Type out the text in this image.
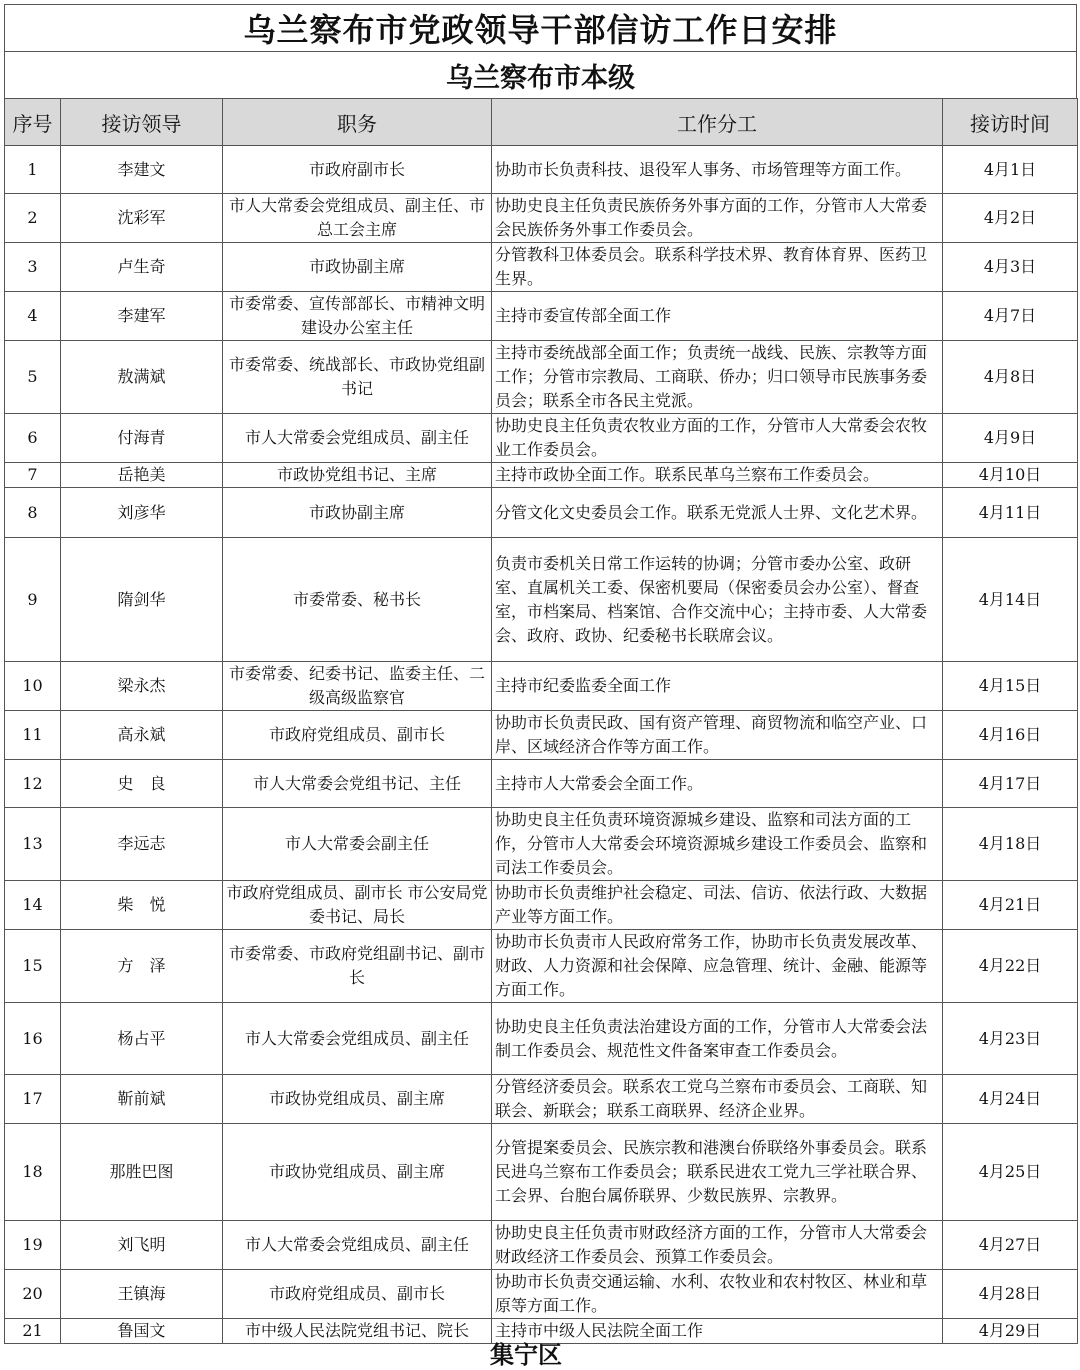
乌兰察布市党政领导干部信访工作日安排
乌兰察布市本级
序号	接访领导	职务	工作分工	接访时间
1	李建文	市政府副市长	协助市长负责科技、退役军人事务、市场管理等方面工作。	4月1日
2	沈彩军	市人大常委会党组成员、副主任、市总工会主席	协助史良主任负责民族侨务外事方面的工作，分管市人大常委会民族侨务外事工作委员会。	4月2日
3	卢生奇	市政协副主席	分管教科卫体委员会。联系科学技术界、教育体育界、医药卫生界。	4月3日
4	李建军	市委常委、宣传部部长、市精神文明建设办公室主任	主持市委宣传部全面工作	4月7日
5	敖满斌	市委常委、统战部长、市政协党组副书记	主持市委统战部全面工作；负责统一战线、民族、宗教等方面工作；分管市宗教局、工商联、侨办；归口领导市民族事务委员会；联系全市各民主党派。	4月8日
6	付海青	市人大常委会党组成员、副主任	协助史良主任负责农牧业方面的工作，分管市人大常委会农牧业工作委员会。	4月9日
7	岳艳美	市政协党组书记、主席	主持市政协全面工作。联系民革乌兰察布工作委员会。	4月10日
8	刘彦华	市政协副主席	分管文化文史委员会工作。联系无党派人士界、文化艺术界。	4月11日
9	隋剑华	市委常委、秘书长	负责市委机关日常工作运转的协调；分管市委办公室、政研室、直属机关工委、保密机要局（保密委员会办公室）、督查室，市档案局、档案馆、合作交流中心；主持市委、人大常委会、政府、政协、纪委秘书长联席会议。	4月14日
10	梁永杰	市委常委、纪委书记、监委主任、二级高级监察官	主持市纪委监委全面工作	4月15日
11	高永斌	市政府党组成员、副市长	协助市长负责民政、国有资产管理、商贸物流和临空产业、口岸、区域经济合作等方面工作。	4月16日
12	史　良	市人大常委会党组书记、主任	主持市人大常委会全面工作。	4月17日
13	李远志	市人大常委会副主任	协助史良主任负责环境资源城乡建设、监察和司法方面的工作，分管市人大常委会环境资源城乡建设工作委员会、监察和司法工作委员会。	4月18日
14	柴　悦	市政府党组成员、副市长 市公安局党委书记、局长	协助市长负责维护社会稳定、司法、信访、依法行政、大数据产业等方面工作。	4月21日
15	方　泽	市委常委、市政府党组副书记、副市长	协助市长负责市人民政府常务工作，协助市长负责发展改革、财政、人力资源和社会保障、应急管理、统计、金融、能源等方面工作。	4月22日
16	杨占平	市人大常委会党组成员、副主任	协助史良主任负责法治建设方面的工作，分管市人大常委会法制工作委员会、规范性文件备案审查工作委员会。	4月23日
17	靳前斌	市政协党组成员、副主席	分管经济委员会。联系农工党乌兰察布市委员会、工商联、知联会、新联会；联系工商联界、经济企业界。	4月24日
18	那胜巴图	市政协党组成员、副主席	分管提案委员会、民族宗教和港澳台侨联络外事委员会。联系民进乌兰察布工作委员会；联系民进农工党九三学社联合界、工会界、台胞台属侨联界、少数民族界、宗教界。	4月25日
19	刘飞明	市人大常委会党组成员、副主任	协助史良主任负责市财政经济方面的工作，分管市人大常委会财政经济工作委员会、预算工作委员会。	4月27日
20	王镇海	市政府党组成员、副市长	协助市长负责交通运输、水利、农牧业和农村牧区、林业和草原等方面工作。	4月28日
21	鲁国文	市中级人民法院党组书记、院长	主持市中级人民法院全面工作	4月29日
集宁区
